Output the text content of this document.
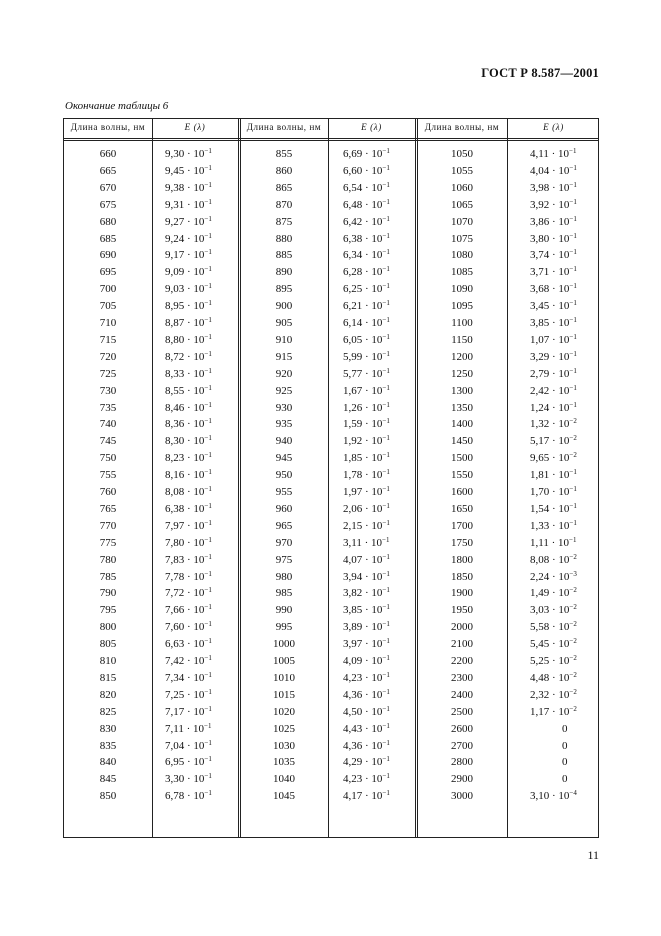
ГОСТ Р 8.587—2001
Окончание таблицы 6
Длина волны, нм	E (λ)	Длина волны, нм	E (λ)	Длина волны, нм	E (λ)
660	$9,30 \cdot 10^{-1}$	855	$6,69 \cdot 10^{-1}$	1050	$4,11 \cdot 10^{-1}$
665	$9,45 \cdot 10^{-1}$	860	$6,60 \cdot 10^{-1}$	1055	$4,04 \cdot 10^{-1}$
670	$9,38 \cdot 10^{-1}$	865	$6,54 \cdot 10^{-1}$	1060	$3,98 \cdot 10^{-1}$
675	$9,31 \cdot 10^{-1}$	870	$6,48 \cdot 10^{-1}$	1065	$3,92 \cdot 10^{-1}$
680	$9,27 \cdot 10^{-1}$	875	$6,42 \cdot 10^{-1}$	1070	$3,86 \cdot 10^{-1}$
685	$9,24 \cdot 10^{-1}$	880	$6,38 \cdot 10^{-1}$	1075	$3,80 \cdot 10^{-1}$
690	$9,17 \cdot 10^{-1}$	885	$6,34 \cdot 10^{-1}$	1080	$3,74 \cdot 10^{-1}$
695	$9,09 \cdot 10^{-1}$	890	$6,28 \cdot 10^{-1}$	1085	$3,71 \cdot 10^{-1}$
700	$9,03 \cdot 10^{-1}$	895	$6,25 \cdot 10^{-1}$	1090	$3,68 \cdot 10^{-1}$
705	$8,95 \cdot 10^{-1}$	900	$6,21 \cdot 10^{-1}$	1095	$3,45 \cdot 10^{-1}$
710	$8,87 \cdot 10^{-1}$	905	$6,14 \cdot 10^{-1}$	1100	$3,85 \cdot 10^{-1}$
715	$8,80 \cdot 10^{-1}$	910	$6,05 \cdot 10^{-1}$	1150	$1,07 \cdot 10^{-1}$
720	$8,72 \cdot 10^{-1}$	915	$5,99 \cdot 10^{-1}$	1200	$3,29 \cdot 10^{-1}$
725	$8,33 \cdot 10^{-1}$	920	$5,77 \cdot 10^{-1}$	1250	$2,79 \cdot 10^{-1}$
730	$8,55 \cdot 10^{-1}$	925	$1,67 \cdot 10^{-1}$	1300	$2,42 \cdot 10^{-1}$
735	$8,46 \cdot 10^{-1}$	930	$1,26 \cdot 10^{-1}$	1350	$1,24 \cdot 10^{-1}$
740	$8,36 \cdot 10^{-1}$	935	$1,59 \cdot 10^{-1}$	1400	$1,32 \cdot 10^{-2}$
745	$8,30 \cdot 10^{-1}$	940	$1,92 \cdot 10^{-1}$	1450	$5,17 \cdot 10^{-2}$
750	$8,23 \cdot 10^{-1}$	945	$1,85 \cdot 10^{-1}$	1500	$9,65 \cdot 10^{-2}$
755	$8,16 \cdot 10^{-1}$	950	$1,78 \cdot 10^{-1}$	1550	$1,81 \cdot 10^{-1}$
760	$8,08 \cdot 10^{-1}$	955	$1,97 \cdot 10^{-1}$	1600	$1,70 \cdot 10^{-1}$
765	$6,38 \cdot 10^{-1}$	960	$2,06 \cdot 10^{-1}$	1650	$1,54 \cdot 10^{-1}$
770	$7,97 \cdot 10^{-1}$	965	$2,15 \cdot 10^{-1}$	1700	$1,33 \cdot 10^{-1}$
775	$7,80 \cdot 10^{-1}$	970	$3,11 \cdot 10^{-1}$	1750	$1,11 \cdot 10^{-1}$
780	$7,83 \cdot 10^{-1}$	975	$4,07 \cdot 10^{-1}$	1800	$8,08 \cdot 10^{-2}$
785	$7,78 \cdot 10^{-1}$	980	$3,94 \cdot 10^{-1}$	1850	$2,24 \cdot 10^{-3}$
790	$7,72 \cdot 10^{-1}$	985	$3,82 \cdot 10^{-1}$	1900	$1,49 \cdot 10^{-2}$
795	$7,66 \cdot 10^{-1}$	990	$3,85 \cdot 10^{-1}$	1950	$3,03 \cdot 10^{-2}$
800	$7,60 \cdot 10^{-1}$	995	$3,89 \cdot 10^{-1}$	2000	$5,58 \cdot 10^{-2}$
805	$6,63 \cdot 10^{-1}$	1000	$3,97 \cdot 10^{-1}$	2100	$5,45 \cdot 10^{-2}$
810	$7,42 \cdot 10^{-1}$	1005	$4,09 \cdot 10^{-1}$	2200	$5,25 \cdot 10^{-2}$
815	$7,34 \cdot 10^{-1}$	1010	$4,23 \cdot 10^{-1}$	2300	$4,48 \cdot 10^{-2}$
820	$7,25 \cdot 10^{-1}$	1015	$4,36 \cdot 10^{-1}$	2400	$2,32 \cdot 10^{-2}$
825	$7,17 \cdot 10^{-1}$	1020	$4,50 \cdot 10^{-1}$	2500	$1,17 \cdot 10^{-2}$
830	$7,11 \cdot 10^{-1}$	1025	$4,43 \cdot 10^{-1}$	2600	0
835	$7,04 \cdot 10^{-1}$	1030	$4,36 \cdot 10^{-1}$	2700	0
840	$6,95 \cdot 10^{-1}$	1035	$4,29 \cdot 10^{-1}$	2800	0
845	$3,30 \cdot 10^{-1}$	1040	$4,23 \cdot 10^{-1}$	2900	0
850	$6,78 \cdot 10^{-1}$	1045	$4,17 \cdot 10^{-1}$	3000	$3,10 \cdot 10^{-4}$
11
